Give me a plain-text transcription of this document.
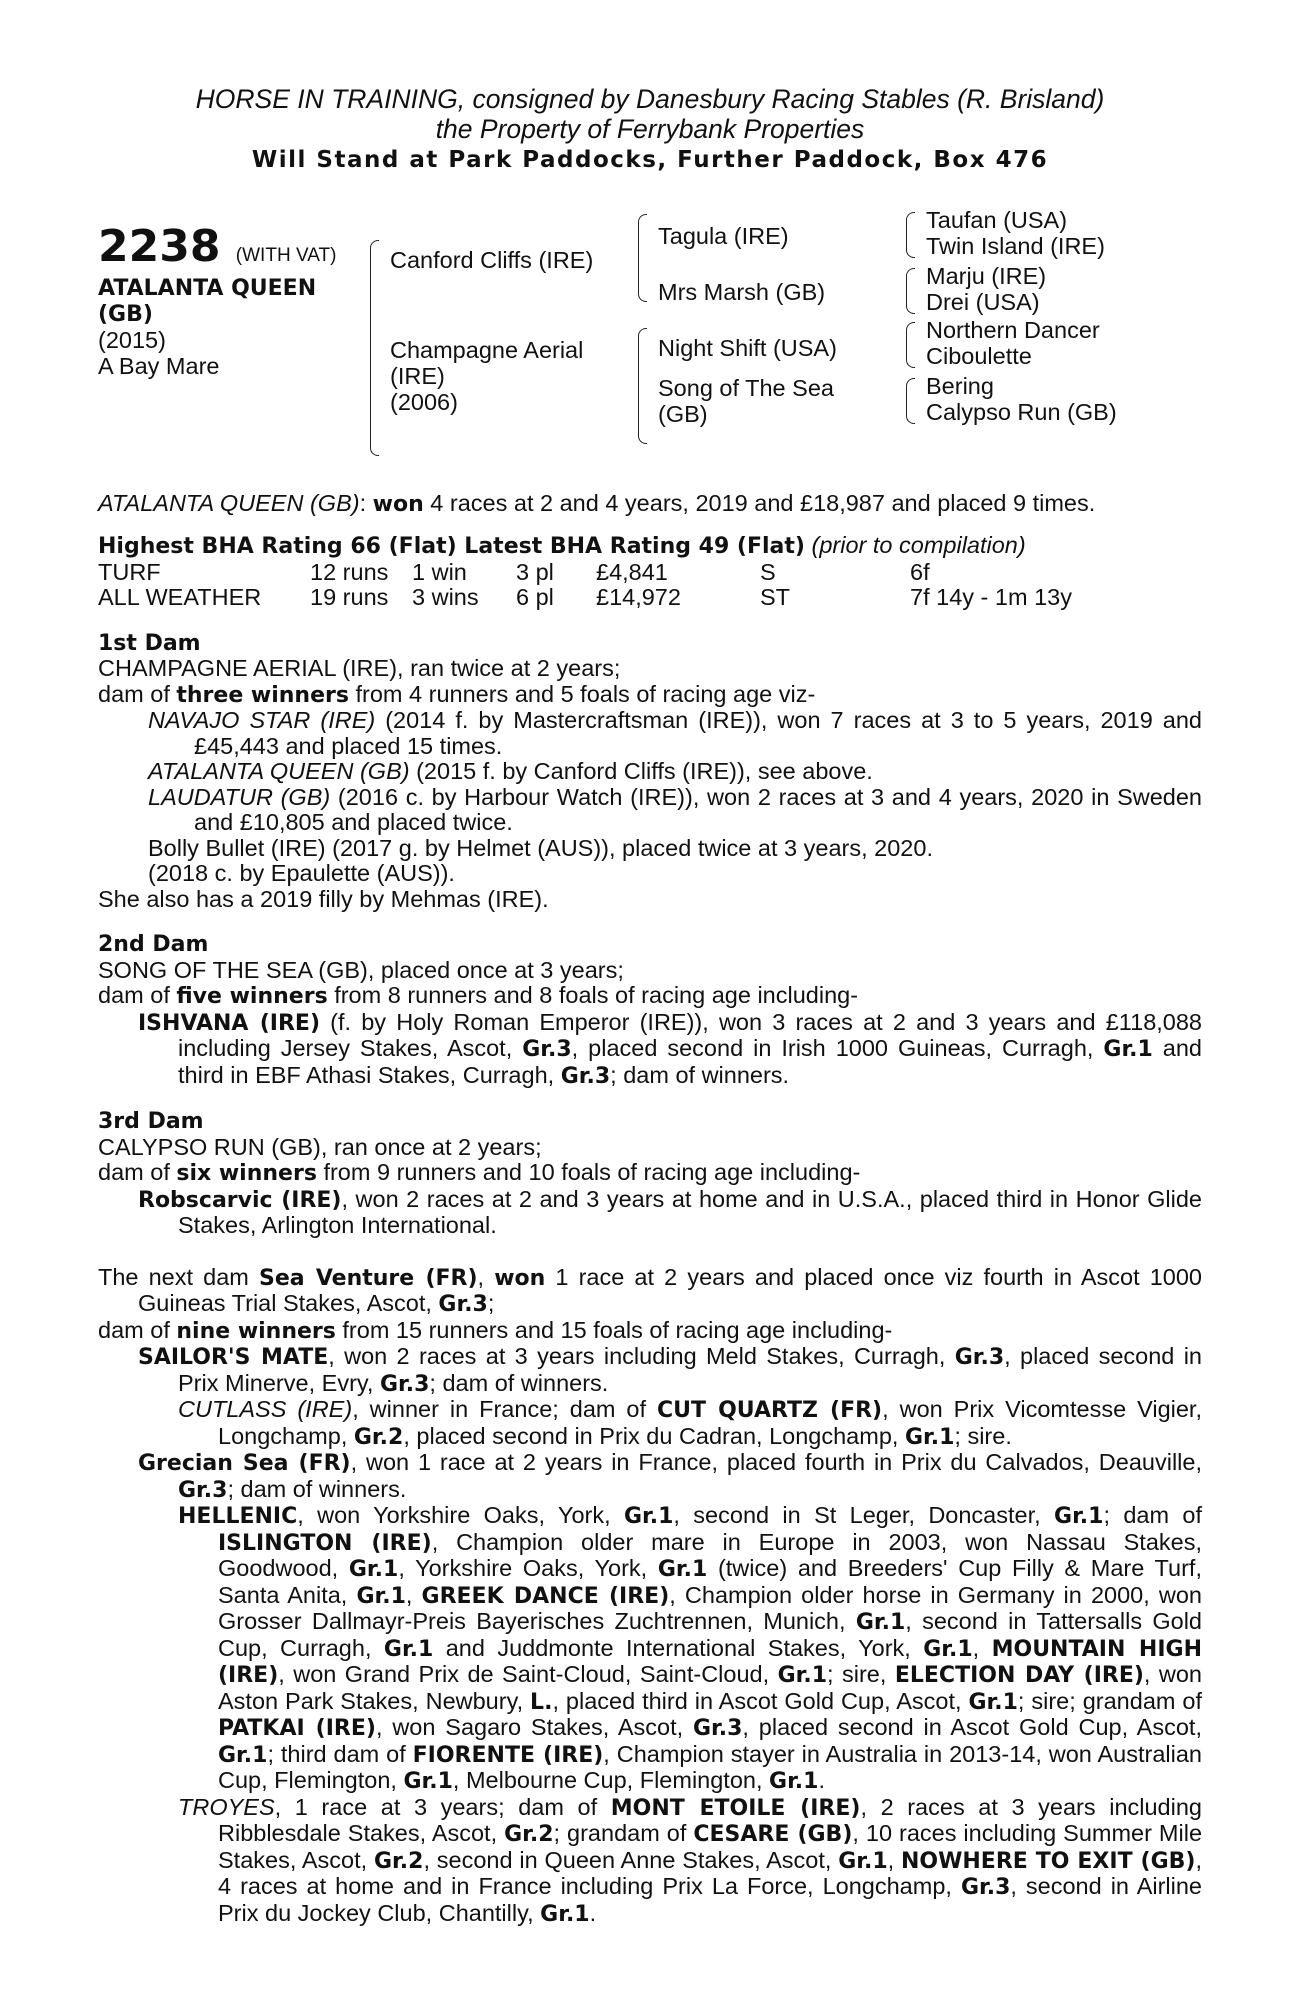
HORSE IN TRAINING, consigned by Danesbury Racing Stables (R. Brisland)
the Property of Ferrybank Properties
Will Stand at Park Paddocks, Further Paddock, Box 476
2238 (WITH VAT)
ATALANTA QUEEN
(GB)
(2015)
A Bay Mare
Canford Cliffs (IRE)
Champagne Aerial
(IRE)
(2006)
Tagula (IRE)
Mrs Marsh (GB)
Night Shift (USA)
Song of The Sea
(GB)
Taufan (USA)
Twin Island (IRE)
Marju (IRE)
Drei (USA)
Northern Dancer
Ciboulette
Bering
Calypso Run (GB)

ATALANTA QUEEN (GB): won 4 races at 2 and 4 years, 2019 and £18,987 and placed 9 times.

Highest BHA Rating 66 (Flat) Latest BHA Rating 49 (Flat) (prior to compilation)

TURF	12 runs	1 win	3 pl	£4,841	S	6f
ALL WEATHER	19 runs	3 wins	6 pl	£14,972	ST	7f 14y - 1m 13y
1st Dam

CHAMPAGNE AERIAL (IRE), ran twice at 2 years;

dam of three winners from 4 runners and 5 foals of racing age viz-

NAVAJO STAR (IRE) (2014 f. by Mastercraftsman (IRE)), won 7 races at 3 to 5 years, 2019 and £45,443 and placed 15 times.

ATALANTA QUEEN (GB) (2015 f. by Canford Cliffs (IRE)), see above.

LAUDATUR (GB) (2016 c. by Harbour Watch (IRE)), won 2 races at 3 and 4 years, 2020 in Sweden and £10,805 and placed twice.

Bolly Bullet (IRE) (2017 g. by Helmet (AUS)), placed twice at 3 years, 2020.

(2018 c. by Epaulette (AUS)).

She also has a 2019 filly by Mehmas (IRE).

2nd Dam

SONG OF THE SEA (GB), placed once at 3 years;

dam of five winners from 8 runners and 8 foals of racing age including-

ISHVANA (IRE) (f. by Holy Roman Emperor (IRE)), won 3 races at 2 and 3 years and £118,088 including Jersey Stakes, Ascot, Gr.3, placed second in Irish 1000 Guineas, Curragh, Gr.1 and third in EBF Athasi Stakes, Curragh, Gr.3; dam of winners.

3rd Dam

CALYPSO RUN (GB), ran once at 2 years;

dam of six winners from 9 runners and 10 foals of racing age including-

Robscarvic (IRE), won 2 races at 2 and 3 years at home and in U.S.A., placed third in Honor Glide Stakes, Arlington International.

The next dam Sea Venture (FR), won 1 race at 2 years and placed once viz fourth in Ascot 1000 Guineas Trial Stakes, Ascot, Gr.3;

dam of nine winners from 15 runners and 15 foals of racing age including-

SAILOR'S MATE, won 2 races at 3 years including Meld Stakes, Curragh, Gr.3, placed second in Prix Minerve, Evry, Gr.3; dam of winners.

CUTLASS (IRE), winner in France; dam of CUT QUARTZ (FR), won Prix Vicomtesse Vigier, Longchamp, Gr.2, placed second in Prix du Cadran, Longchamp, Gr.1; sire.

Grecian Sea (FR), won 1 race at 2 years in France, placed fourth in Prix du Calvados, Deauville, Gr.3; dam of winners.

HELLENIC, won Yorkshire Oaks, York, Gr.1, second in St Leger, Doncaster, Gr.1; dam of ISLINGTON (IRE), Champion older mare in Europe in 2003, won Nassau Stakes, Goodwood, Gr.1, Yorkshire Oaks, York, Gr.1 (twice) and Breeders' Cup Filly & Mare Turf, Santa Anita, Gr.1, GREEK DANCE (IRE), Champion older horse in Germany in 2000, won Grosser Dallmayr-Preis Bayerisches Zuchtrennen, Munich, Gr.1, second in Tattersalls Gold Cup, Curragh, Gr.1 and Juddmonte International Stakes, York, Gr.1, MOUNTAIN HIGH (IRE), won Grand Prix de Saint-Cloud, Saint-Cloud, Gr.1; sire, ELECTION DAY (IRE), won Aston Park Stakes, Newbury, L., placed third in Ascot Gold Cup, Ascot, Gr.1; sire; grandam of PATKAI (IRE), won Sagaro Stakes, Ascot, Gr.3, placed second in Ascot Gold Cup, Ascot, Gr.1; third dam of FIORENTE (IRE), Champion stayer in Australia in 2013-14, won Australian Cup, Flemington, Gr.1, Melbourne Cup, Flemington, Gr.1.

TROYES, 1 race at 3 years; dam of MONT ETOILE (IRE), 2 races at 3 years including Ribblesdale Stakes, Ascot, Gr.2; grandam of CESARE (GB), 10 races including Summer Mile Stakes, Ascot, Gr.2, second in Queen Anne Stakes, Ascot, Gr.1, NOWHERE TO EXIT (GB), 4 races at home and in France including Prix La Force, Longchamp, Gr.3, second in Airline Prix du Jockey Club, Chantilly, Gr.1.
